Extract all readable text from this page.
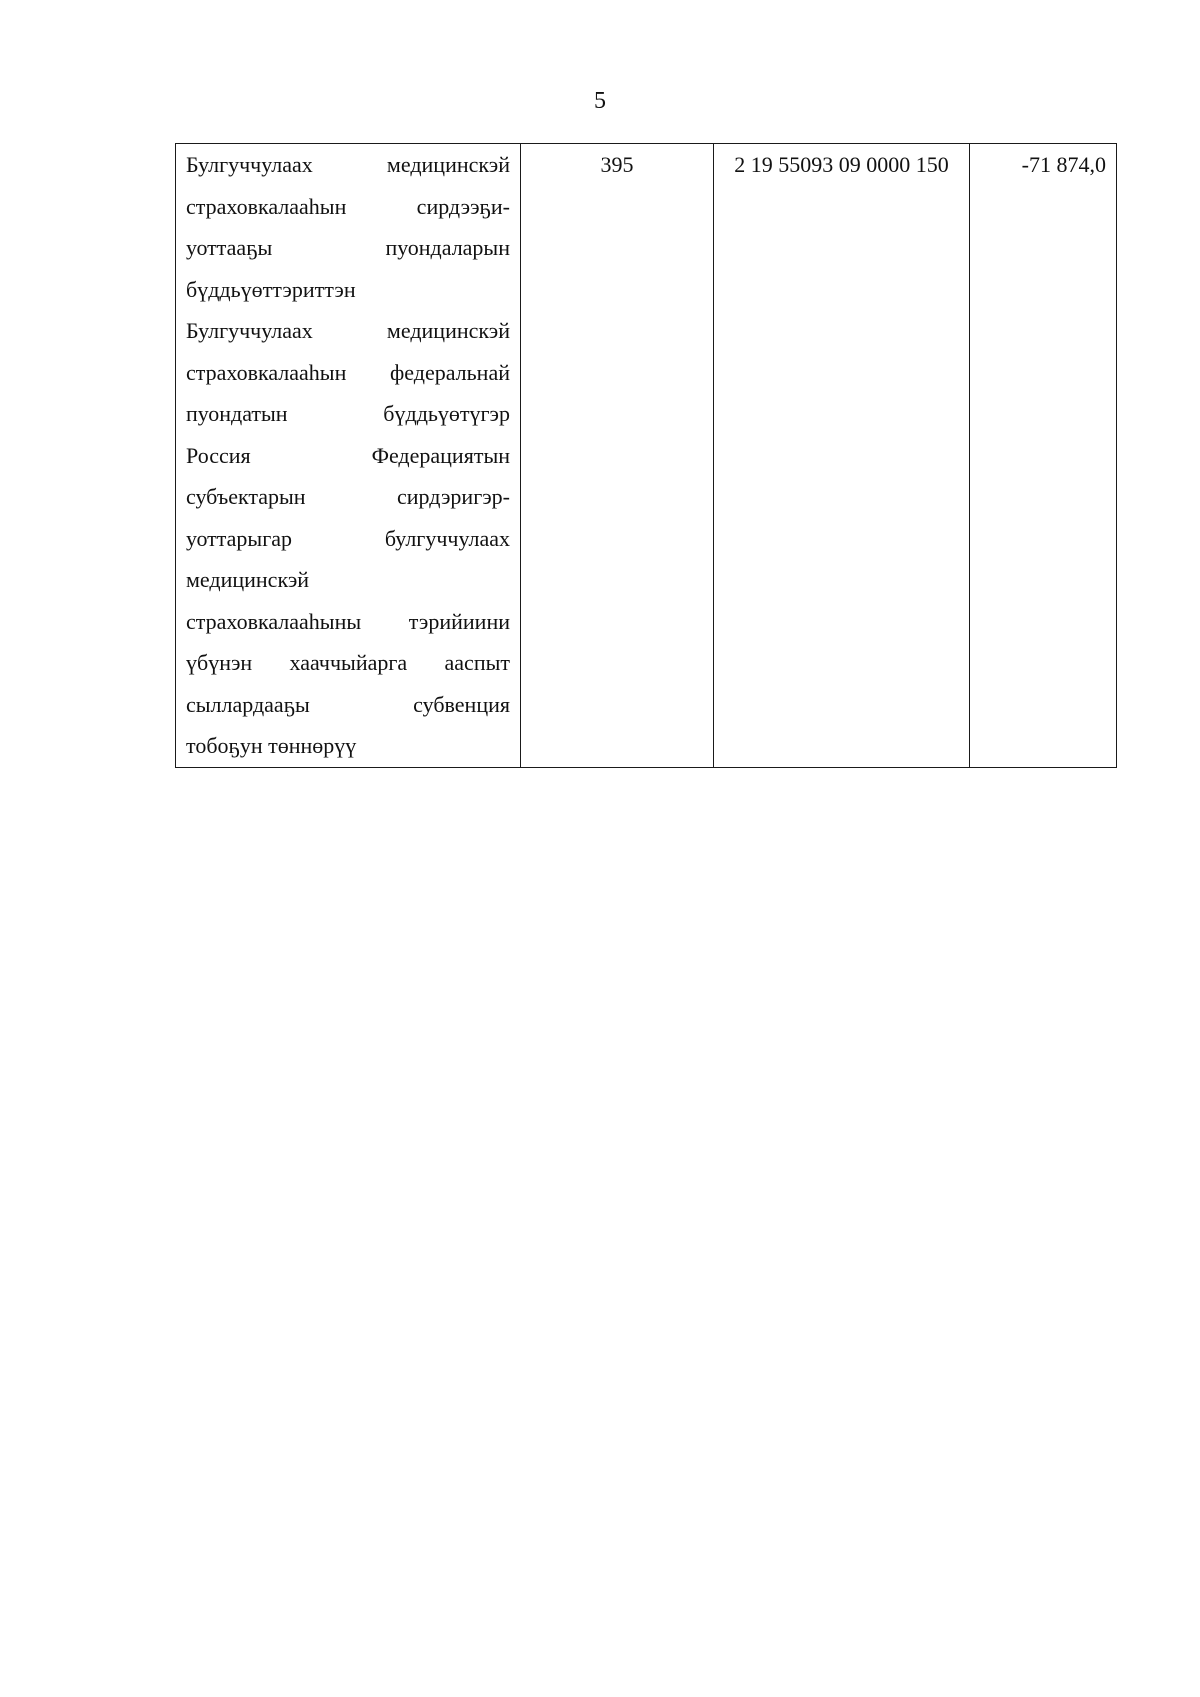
5
Булгуччулаах медицинскэй
страховкалааһын сирдээҕи-
уоттааҕы пуондаларын
бүддьүөттэриттэн
Булгуччулаах медицинскэй
страховкалааһын федеральнай
пуондатын бүддьүөтүгэр
Россия Федерациятын
субъектарын сирдэригэр-
уоттарыгар булгуччулаах
медицинскэй
страховкалааһыны тэрийиини
үбүнэн хааччыйарга ааспыт
сыллардааҕы субвенция
тобоҕун төннөрүү
	395	2 19 55093 09 0000 150	-71 874,0
